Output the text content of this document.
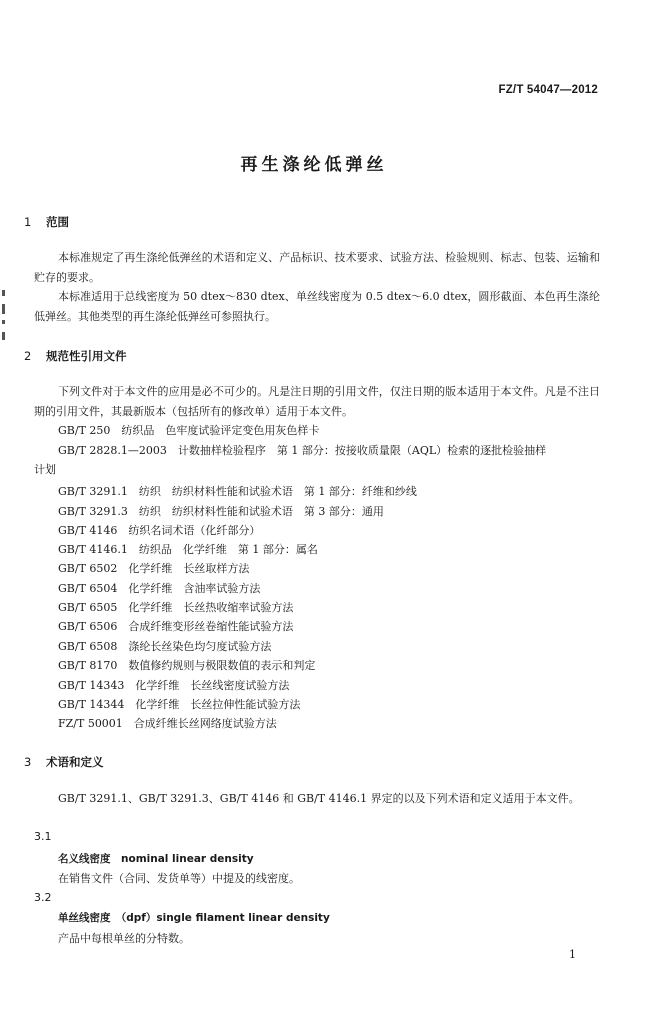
FZ/T 54047—2012
再生涤纶低弹丝
1 范围
本标准规定了再生涤纶低弹丝的术语和定义、产品标识、技术要求、试验方法、检验规则、标志、包装、运输和贮存的要求。
本标准适用于总线密度为 50 dtex～830 dtex、单丝线密度为 0.5 dtex～6.0 dtex，圆形截面、本色再生涤纶低弹丝。其他类型的再生涤纶低弹丝可参照执行。
2 规范性引用文件
下列文件对于本文件的应用是必不可少的。凡是注日期的引用文件，仅注日期的版本适用于本文件。凡是不注日期的引用文件，其最新版本（包括所有的修改单）适用于本文件。
GB/T 250　纺织品　色牢度试验评定变色用灰色样卡
GB/T 2828.1—2003　计数抽样检验程序　第 1 部分：按接收质量限（AQL）检索的逐批检验抽样
计划
GB/T 3291.1　纺织　纺织材料性能和试验术语　第 1 部分：纤维和纱线
GB/T 3291.3　纺织　纺织材料性能和试验术语　第 3 部分：通用
GB/T 4146　纺织名词术语（化纤部分）
GB/T 4146.1　纺织品　化学纤维　第 1 部分：属名
GB/T 6502　化学纤维　长丝取样方法
GB/T 6504　化学纤维　含油率试验方法
GB/T 6505　化学纤维　长丝热收缩率试验方法
GB/T 6506　合成纤维变形丝卷缩性能试验方法
GB/T 6508　涤纶长丝染色均匀度试验方法
GB/T 8170　数值修约规则与极限数值的表示和判定
GB/T 14343　化学纤维　长丝线密度试验方法
GB/T 14344　化学纤维　长丝拉伸性能试验方法
FZ/T 50001　合成纤维长丝网络度试验方法
3 术语和定义
GB/T 3291.1、GB/T 3291.3、GB/T 4146 和 GB/T 4146.1 界定的以及下列术语和定义适用于本文件。
3.1
名义线密度　nominal linear density
在销售文件（合同、发货单等）中提及的线密度。
3.2
单丝线密度　（dpf）single filament linear density
产品中每根单丝的分特数。
1
